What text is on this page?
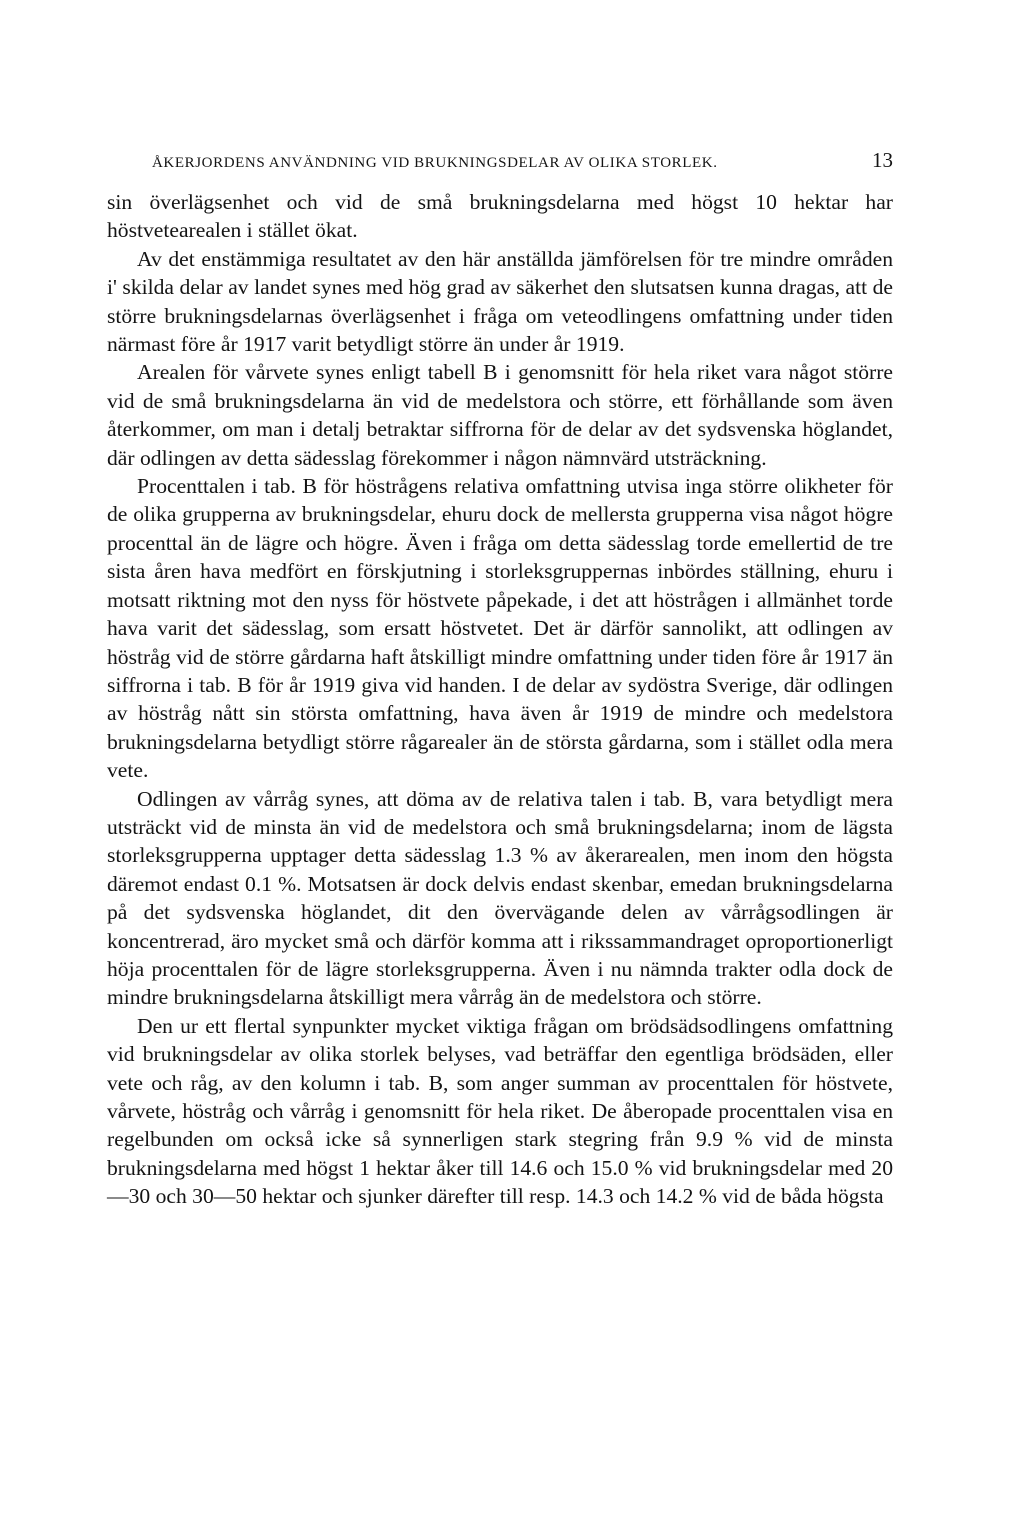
ÅKERJORDENS ANVÄNDNING VID BRUKNINGSDELAR AV OLIKA STORLEK.	13

sin överlägsenhet och vid de små brukningsdelarna med högst 10 hektar har höstvetearealen i stället ökat.

Av det enstämmiga resultatet av den här anställda jämförelsen för tre mindre områden i' skilda delar av landet synes med hög grad av säkerhet den slutsatsen kunna dragas, att de större brukningsdelarnas överlägsenhet i fråga om veteodlingens omfattning under tiden närmast före år 1917 varit betydligt större än under år 1919.

Arealen för vårvete synes enligt tabell B i genomsnitt för hela riket vara något större vid de små brukningsdelarna än vid de medelstora och större, ett förhållande som även återkommer, om man i detalj betraktar siffrorna för de delar av det sydsvenska höglandet, där odlingen av detta sädesslag förekommer i någon nämnvärd utsträckning.

Procenttalen i tab. B för höstrågens relativa omfattning utvisa inga större olikheter för de olika grupperna av brukningsdelar, ehuru dock de mellersta grupperna visa något högre procenttal än de lägre och högre. Även i fråga om detta sädesslag torde emellertid de tre sista åren hava medfört en förskjutning i storleksgruppernas inbördes ställning, ehuru i motsatt riktning mot den nyss för höstvete påpekade, i det att höstrågen i allmänhet torde hava varit det sädesslag, som ersatt höstvetet. Det är därför sannolikt, att odlingen av höstråg vid de större gårdarna haft åtskilligt mindre omfattning under tiden före år 1917 än siffrorna i tab. B för år 1919 giva vid handen. I de delar av sydöstra Sverige, där odlingen av höstråg nått sin största omfattning, hava även år 1919 de mindre och medelstora brukningsdelarna betydligt större rågarealer än de största gårdarna, som i stället odla mera vete.

Odlingen av vårråg synes, att döma av de relativa talen i tab. B, vara betydligt mera utsträckt vid de minsta än vid de medelstora och små brukningsdelarna; inom de lägsta storleksgrupperna upptager detta sädesslag 1.3 % av åkerarealen, men inom den högsta däremot endast 0.1 %. Motsatsen är dock delvis endast skenbar, emedan brukningsdelarna på det sydsvenska höglandet, dit den övervägande delen av vårrågsodlingen är koncentrerad, äro mycket små och därför komma att i rikssammandraget oproportionerligt höja procenttalen för de lägre storleksgrupperna. Även i nu nämnda trakter odla dock de mindre brukningsdelarna åtskilligt mera vårråg än de medelstora och större.

Den ur ett flertal synpunkter mycket viktiga frågan om brödsädsodlingens omfattning vid brukningsdelar av olika storlek belyses, vad beträffar den egentliga brödsäden, eller vete och råg, av den kolumn i tab. B, som anger summan av procenttalen för höstvete, vårvete, höstråg och vårråg i genomsnitt för hela riket. De åberopade procenttalen visa en regelbunden om också icke så synnerligen stark stegring från 9.9 % vid de minsta brukningsdelarna med högst 1 hektar åker till 14.6 och 15.0 % vid brukningsdelar med 20—30 och 30—50 hektar och sjunker därefter till resp. 14.3 och 14.2 % vid de båda högsta
